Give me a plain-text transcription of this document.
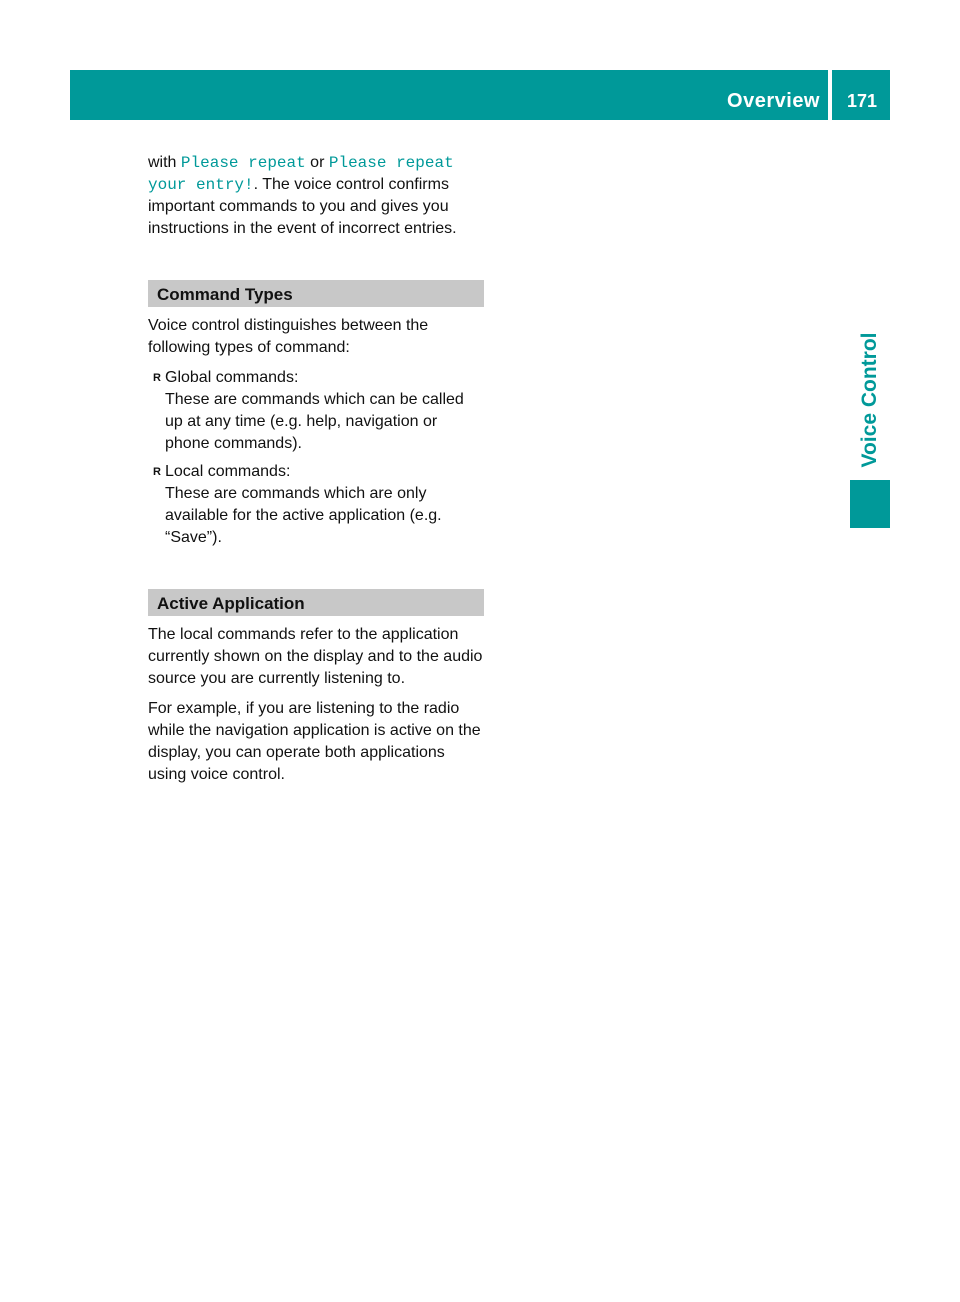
Overview	171
Voice Control

with Please repeat or Please repeat your entry!. The voice control confirms important commands to you and gives you instructions in the event of incorrect entries.

Command Types

Voice control distinguishes between the following types of command:

R Global commands:
These are commands which can be called up at any time (e.g. help, navigation or phone commands).
R Local commands:
These are commands which are only available for the active application (e.g. “Save”).
Active Application

The local commands refer to the application currently shown on the display and to the audio source you are currently listening to.

For example, if you are listening to the radio while the navigation application is active on the display, you can operate both applications using voice control.
